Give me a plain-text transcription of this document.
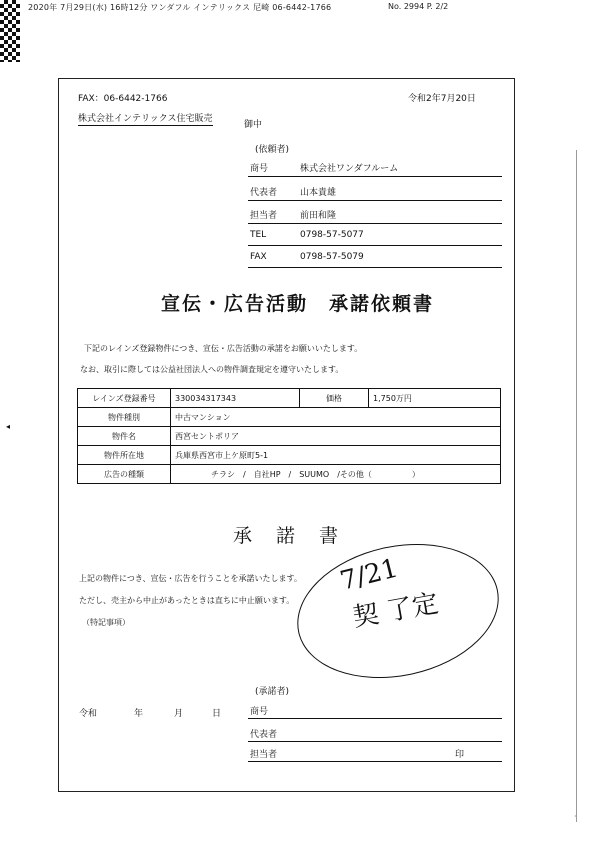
2020年 7月29日(水) 16時12分 ワンダフル インテリックス 尼崎 06-6442-1766	No. 2994 P. 2/2
◂
FAX：06-6442-1766	令和2年7月20日
株式会社インテリックス住宅販売
御中
(依頼者)
商号	株式会社ワンダフルーム
代表者	山本貴雄
担当者	前田和隆
TEL	0798-57-5077
FAX	0798-57-5079
宣伝・広告活動　承諾依頼書
下記のレインズ登録物件につき、宣伝・広告活動の承諾をお願いいたします。
なお、取引に際しては公益社団法人への物件調査規定を遵守いたします。
レインズ登録番号	330034317343	価格	1,750万円
物件種別	中古マンション		
物件名	西宮セントポリア		
物件所在地	兵庫県西宮市上ケ原町5-1		
広告の種類	チラシ　/　自社HP　/　SUUMO　/その他（　　　　　）		
承諾書
上記の物件につき、宣伝・広告を行うことを承諾いたします。
ただし、売主から中止があったときは直ちに中止願います。
（特記事項）
7/21
契 了定
(承諾者)
令和	年	月	日	商号
代表者
担当者	印
·
